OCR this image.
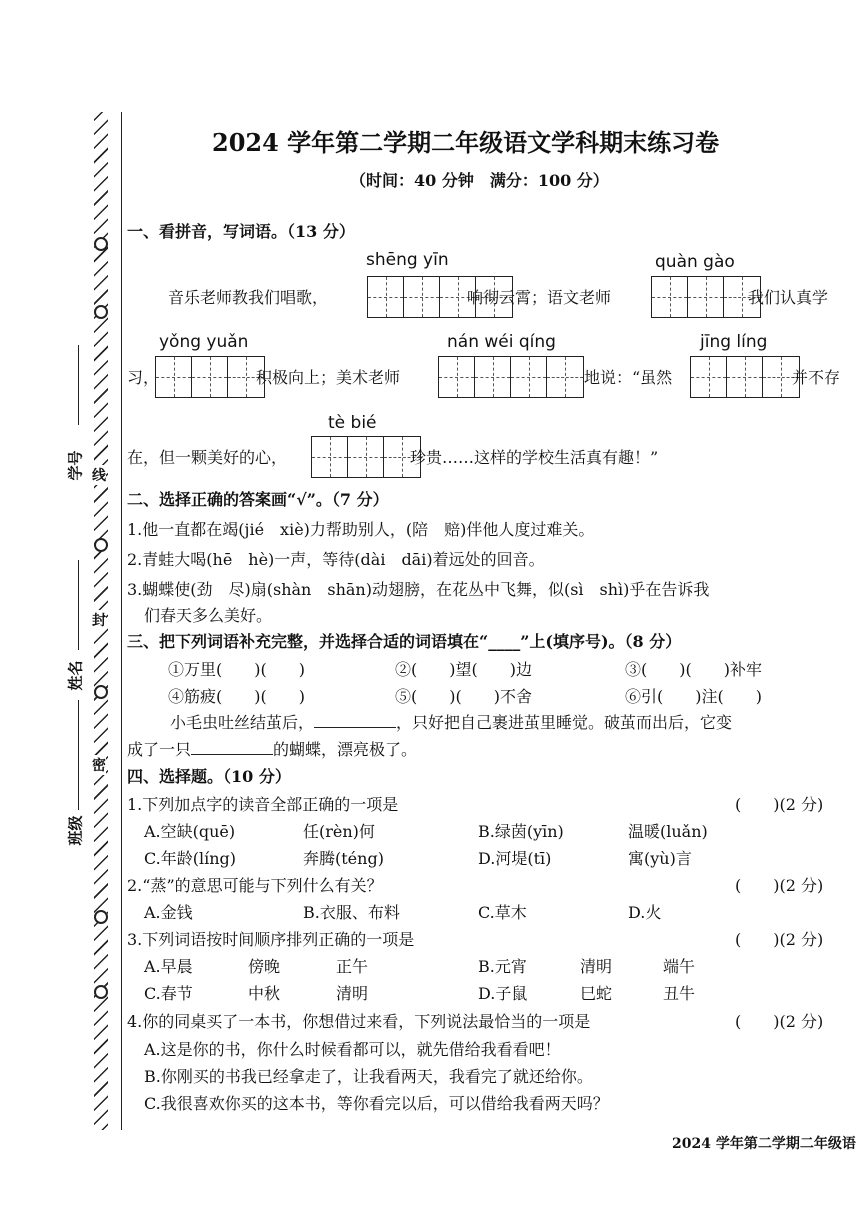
线
封
密
学号
姓名
班级
2024 学年第二学期二年级语文学科期末练习卷
（时间：40 分钟　满分：100 分）
一、看拼音，写词语。（13 分）
shēng yīn	quàn gào
音乐老师教我们唱歌，	响彻云霄；语文老师	我们认真学
yǒng yuǎn	nán wéi qíng	jīng líng
习，	积极向上；美术老师	地说：“虽然	并不存
tè bié
在，但一颗美好的心，	珍贵……这样的学校生活真有趣！”
二、选择正确的答案画“√”。（7 分）
1.他一直都在竭(jié　xiè)力帮助别人，(陪　赔)伴他人度过难关。
2.青蛙大喝(hē　hè)一声，等待(dài　dāi)着远处的回音。
3.蝴蝶使(劲　尽)扇(shàn　shān)动翅膀，在花丛中飞舞，似(sì　shì)乎在告诉我
们春天多么美好。
三、把下列词语补充完整，并选择合适的词语填在“____”上(填序号)。（8 分）
①万里(　　)(　　)	②(　　)望(　　)边	③(　　)(　　)补牢
④筋疲(　　)(　　)	⑤(　　)(　　)不舍	⑥引(　　)注(　　)
小毛虫吐丝结茧后，	，只好把自己裹进茧里睡觉。破茧而出后，它变
成了一只	的蝴蝶，漂亮极了。
四、选择题。（10 分）
1.下列加点字的读音全部正确的一项是	(　　)(2 分)
A.空缺(quē)	任(rèn)何	B.绿茵(yīn)	温暖(luǎn)
C.年龄(líng)	奔腾(téng)	D.河堤(tī)	寓(yù)言
2.“蒸”的意思可能与下列什么有关？	(　　)(2 分)
A.金钱	B.衣服、布料	C.草木	D.火
3.下列词语按时间顺序排列正确的一项是	(　　)(2 分)
A.早晨	傍晚	正午	B.元宵	清明	端午
C.春节	中秋	清明	D.子鼠	巳蛇	丑牛
4.你的同桌买了一本书，你想借过来看，下列说法最恰当的一项是	(　　)(2 分)
A.这是你的书，你什么时候看都可以，就先借给我看看吧！
B.你刚买的书我已经拿走了，让我看两天，我看完了就还给你。
C.我很喜欢你买的这本书，等你看完以后，可以借给我看两天吗？
2024 学年第二学期二年级语
